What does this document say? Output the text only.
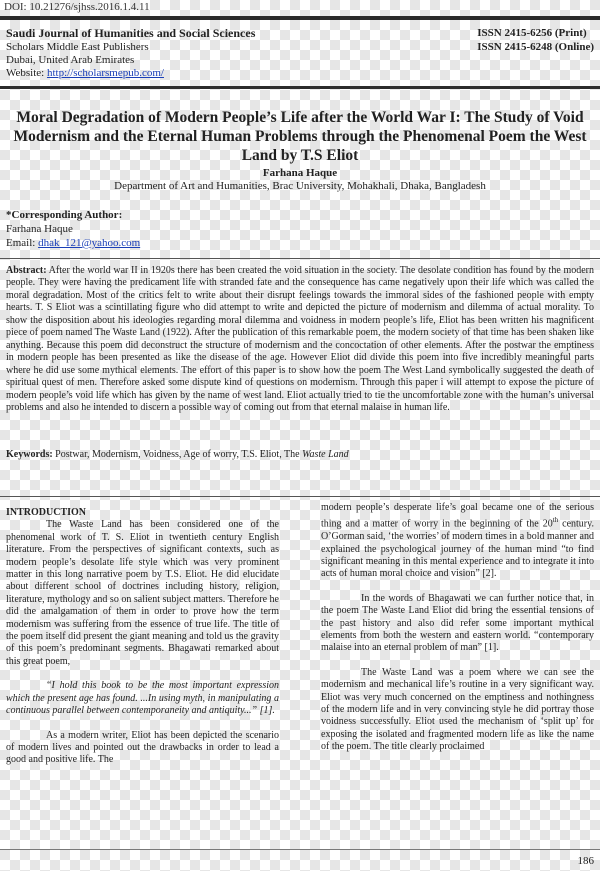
DOI: 10.21276/sjhss.2016.1.4.11
Saudi Journal of Humanities and Social Sciences	ISSN 2415-6256 (Print)
ISSN 2415-6248 (Online)
Scholars Middle East Publishers
Dubai, United Arab Emirates
Website: http://scholarsmepub.com/
Moral Degradation of Modern People’s Life after the World War I: The Study of Void Modernism and the Eternal Human Problems through the Phenomenal Poem the West Land by T.S Eliot
Farhana Haque
Department of Art and Humanities, Brac University, Mohakhali, Dhaka, Bangladesh
*Corresponding Author:
Farhana Haque
Email: dhak_121@yahoo.com
Abstract: After the world war II in 1920s there has been created the void situation in the society. The desolate condition has found by the modern people. They were having the predicament life with stranded fate and the consequence has came negatively upon their life which was called the moral degradation. Most of the critics felt to write about their disrupt feelings towards the immoral sides of the fashioned people with empty hearts. T. S Eliot was a scintillating figure who did attempt to write and depicted the picture of modernism and dilemma of actual morality. To show the disposition about his ideologies regarding moral dilemma and voidness in modern people’s life, Eliot has been written his magnificent piece of poem named The Waste Land (1922). After the publication of this remarkable poem, the modern society of that time has been shaken like anything. Because this poem did deconstruct the structure of modernism and the concoctation of other elements. After the postwar the emptiness in modern people has been presented as like the disease of the age. However Eliot did divide this poem into five incredibly meaningful parts where he did use some mythical elements. The effort of this paper is to show how the poem The West Land symbolically suggested the death of spiritual quest of men. Therefore asked some dispute kind of questions on modernism. Through this paper i will attempt to expose the picture of modern people’s void life which has given by the name of west land. Eliot actually tried to tie the uncomfortable zone with the human’s universal problems and also he intended to discern a possible way of coming out from that eternal malaise in human life.
Keywords: Postwar, Modernism, Voidness, Age of worry, T.S. Eliot, The Waste Land
INTRODUCTION

The Waste Land has been considered one of the phenomenal work of T. S. Eliot in twentieth century English literature. From the perspectives of significant contexts, such as modern people’s desolate life style which was very prominent matter in this long narrative poem by T.S. Eliot. He did elucidate about different school of doctrines including history, religion, literature, mythology and so on salient subject matters. Therefore he did the amalgamation of them in order to prove how the term modernism was suffering from the essence of true life. The title of the poem itself did present the giant meaning and told us the gravity of this poem’s predominant segments. Bhagawati remarked about this great poem,

“I hold this book to be the most important expression which the present age has found. ...In using myth, in manipulating a continuous parallel between contemporaneity and antiquity...” [1].

As a modern writer, Eliot has been depicted the scenario of modern lives and pointed out the drawbacks in order to lead a good and positive life. The

modern people’s desperate life’s goal became one of the serious thing and a matter of worry in the beginning of the 20th century. O’Gorman said, ‘the worries’ of modern times in a bold manner and explained the psychological journey of the human mind “to find significant meaning in this mental experience and to integrate it into acts of human moral choice and vision” [2].

In the words of Bhagawati we can further notice that, in the poem The Waste Land Eliot did bring the essential tensions of the past history and also did refer some important mythical elements from both the western and eastern world. “contemporary malaise into an eternal problem of man” [1].

The Waste Land was a poem where we can see the modernism and mechanical life’s routine in a very significant way. Eliot was very much concerned on the emptiness and nothingness of the modern life and in very convincing style he did portray those voidness successfully. Eliot used the mechanism of ‘split up’ for exposing the isolated and fragmented modern life as like the name of the poem. The title clearly proclaimed

186
